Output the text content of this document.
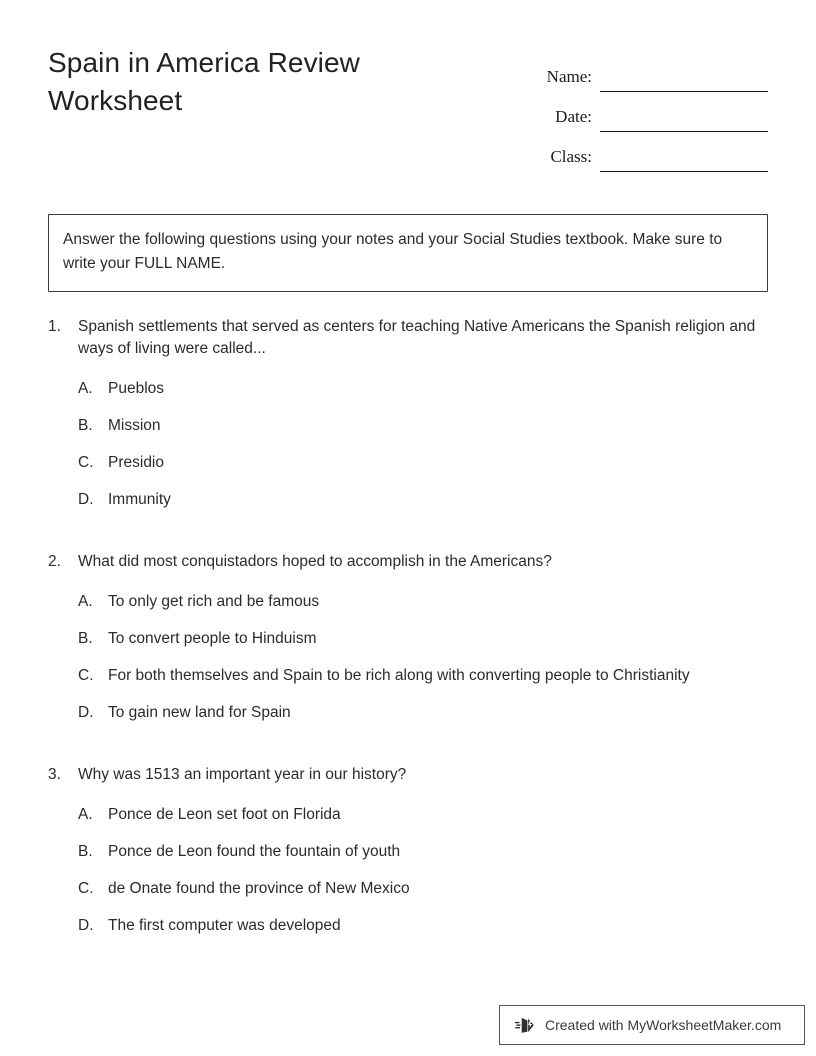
Spain in America Review Worksheet
Name:
Date:
Class:
Answer the following questions using your notes and your Social Studies textbook. Make sure to write your FULL NAME.
1.	Spanish settlements that served as centers for teaching Native Americans the Spanish religion and ways of living were called...
A. Pueblos
B. Mission
C. Presidio
D. Immunity
2.	What did most conquistadors hoped to accomplish in the Americans?
A. To only get rich and be famous
B. To convert people to Hinduism
C. For both themselves and Spain to be rich along with converting people to Christianity
D. To gain new land for Spain
3.	Why was 1513 an important year in our history?
A. Ponce de Leon set foot on Florida
B. Ponce de Leon found the fountain of youth
C. de Onate found the province of New Mexico
D. The first computer was developed
Created with MyWorksheetMaker.com
